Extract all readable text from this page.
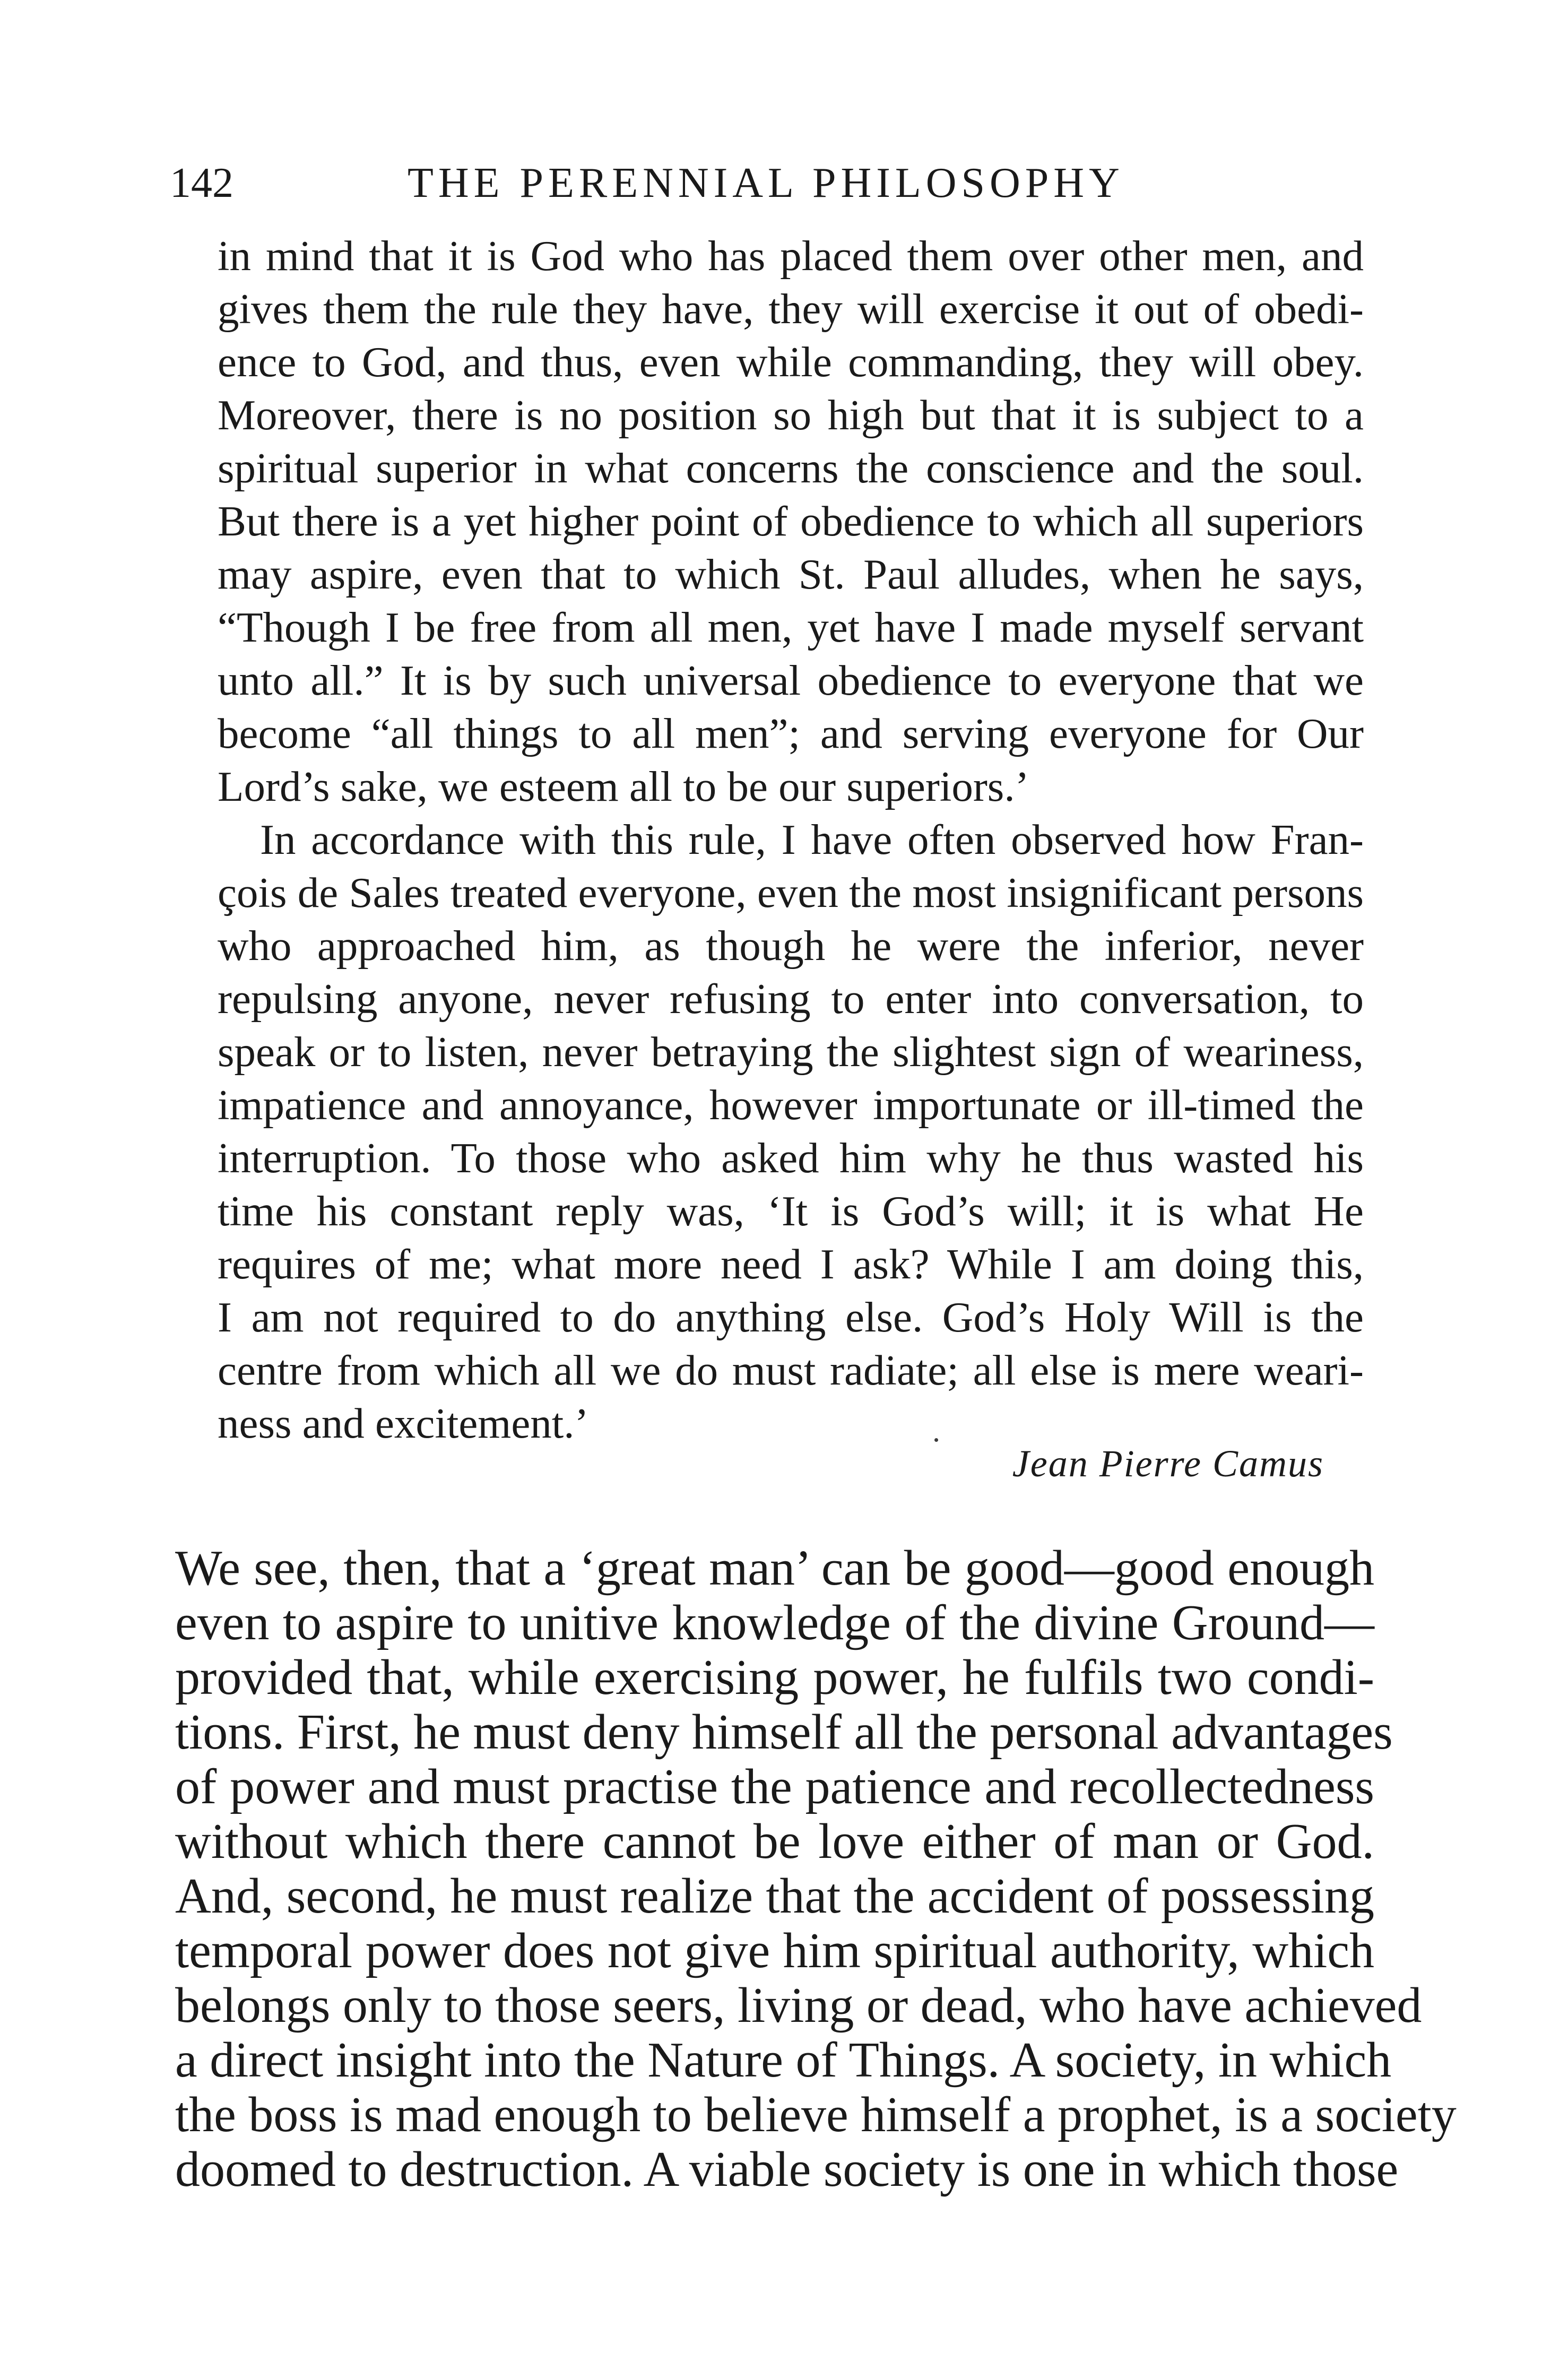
142	THE PERENNIAL PHILOSOPHY
in mind that it is God who has placed them over other men, and
gives them the rule they have, they will exercise it out of obedi-
ence to God, and thus, even while commanding, they will obey.
Moreover, there is no position so high but that it is subject to a
spiritual superior in what concerns the conscience and the soul.
But there is a yet higher point of obedience to which all superiors
may aspire, even that to which St. Paul alludes, when he says,
“Though I be free from all men, yet have I made myself servant
unto all.” It is by such universal obedience to everyone that we
become “all things to all men”; and serving everyone for Our
Lord’s sake, we esteem all to be our superiors.’
In accordance with this rule, I have often observed how Fran-
çois de Sales treated everyone, even the most insignificant persons
who approached him, as though he were the inferior, never
repulsing anyone, never refusing to enter into conversation, to
speak or to listen, never betraying the slightest sign of weariness,
impatience and annoyance, however importunate or ill-timed the
interruption. To those who asked him why he thus wasted his
time his constant reply was, ‘It is God’s will; it is what He
requires of me; what more need I ask? While I am doing this,
I am not required to do anything else. God’s Holy Will is the
centre from which all we do must radiate; all else is mere weari-
ness and excitement.’
Jean Pierre Camus
We see, then, that a ‘great man’ can be good—good enough
even to aspire to unitive knowledge of the divine Ground—
provided that, while exercising power, he fulfils two condi-
tions. First, he must deny himself all the personal advantages
of power and must practise the patience and recollectedness
without which there cannot be love either of man or God.
And, second, he must realize that the accident of possessing
temporal power does not give him spiritual authority, which
belongs only to those seers, living or dead, who have achieved
a direct insight into the Nature of Things. A society, in which
the boss is mad enough to believe himself a prophet, is a society
doomed to destruction. A viable society is one in which those
